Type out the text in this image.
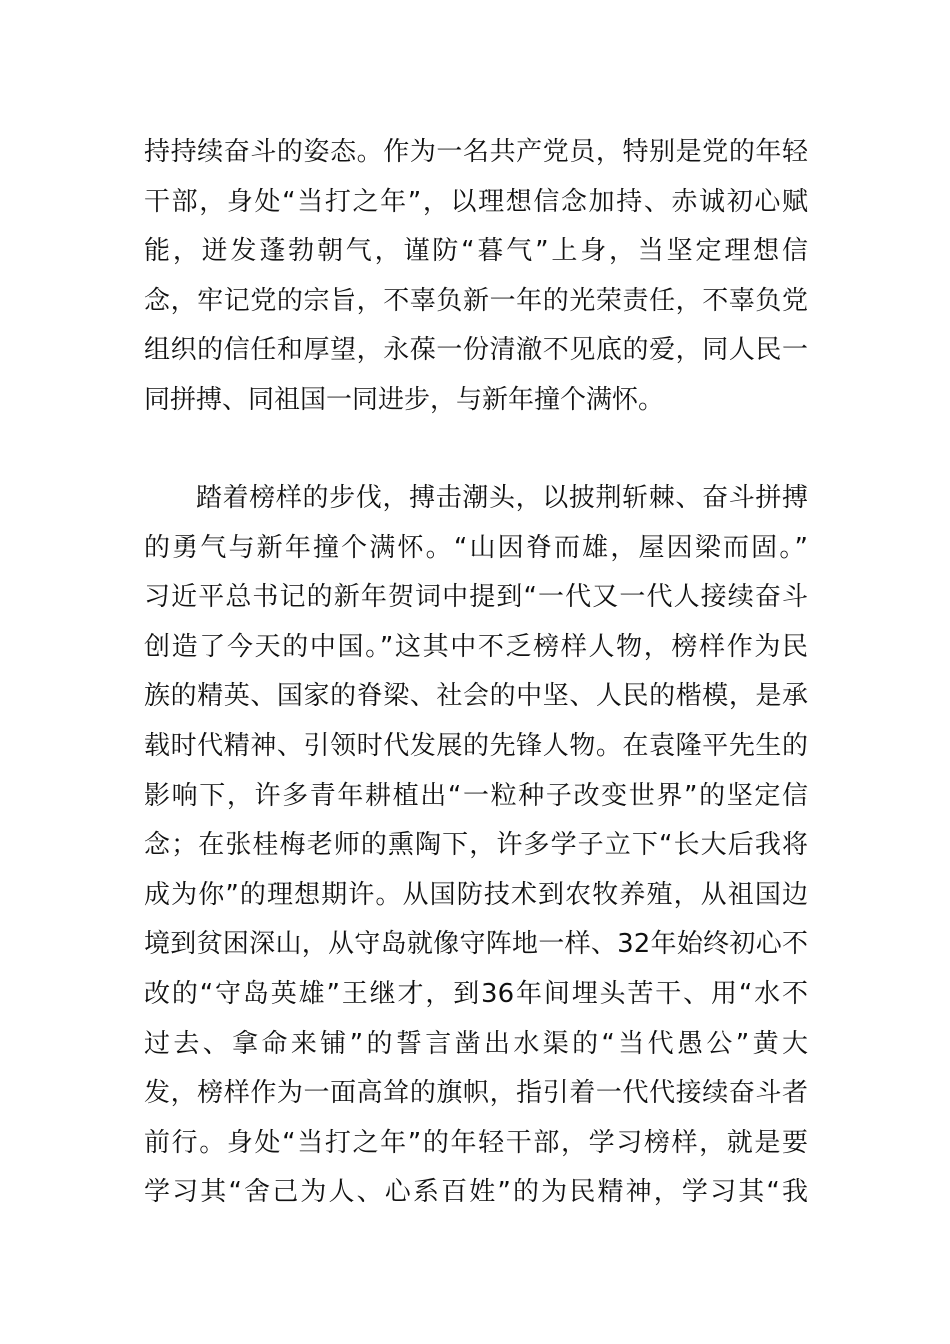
持持续奋斗的姿态。作为一名共产党员，特别是党的年轻
干部，身处“当打之年”，以理想信念加持、赤诚初心赋
能，迸发蓬勃朝气，谨防“暮气”上身，当坚定理想信
念，牢记党的宗旨，不辜负新一年的光荣责任，不辜负党
组织的信任和厚望，永葆一份清澈不见底的爱，同人民一
同拼搏、同祖国一同进步，与新年撞个满怀。
踏着榜样的步伐，搏击潮头，以披荆斩棘、奋斗拼搏
的勇气与新年撞个满怀。“山因脊而雄，屋因梁而固。”
习近平总书记的新年贺词中提到“一代又一代人接续奋斗
创造了今天的中国。”这其中不乏榜样人物，榜样作为民
族的精英、国家的脊梁、社会的中坚、人民的楷模，是承
载时代精神、引领时代发展的先锋人物。在袁隆平先生的
影响下，许多青年耕植出“一粒种子改变世界”的坚定信
念；在张桂梅老师的熏陶下，许多学子立下“长大后我将
成为你”的理想期许。从国防技术到农牧养殖，从祖国边
境到贫困深山，从守岛就像守阵地一样、32年始终初心不
改的“守岛英雄”王继才，到36年间埋头苦干、用“水不
过去、拿命来铺”的誓言凿出水渠的“当代愚公”黄大
发，榜样作为一面高耸的旗帜，指引着一代代接续奋斗者
前行。身处“当打之年”的年轻干部，学习榜样，就是要
学习其“舍己为人、心系百姓”的为民精神，学习其“我
